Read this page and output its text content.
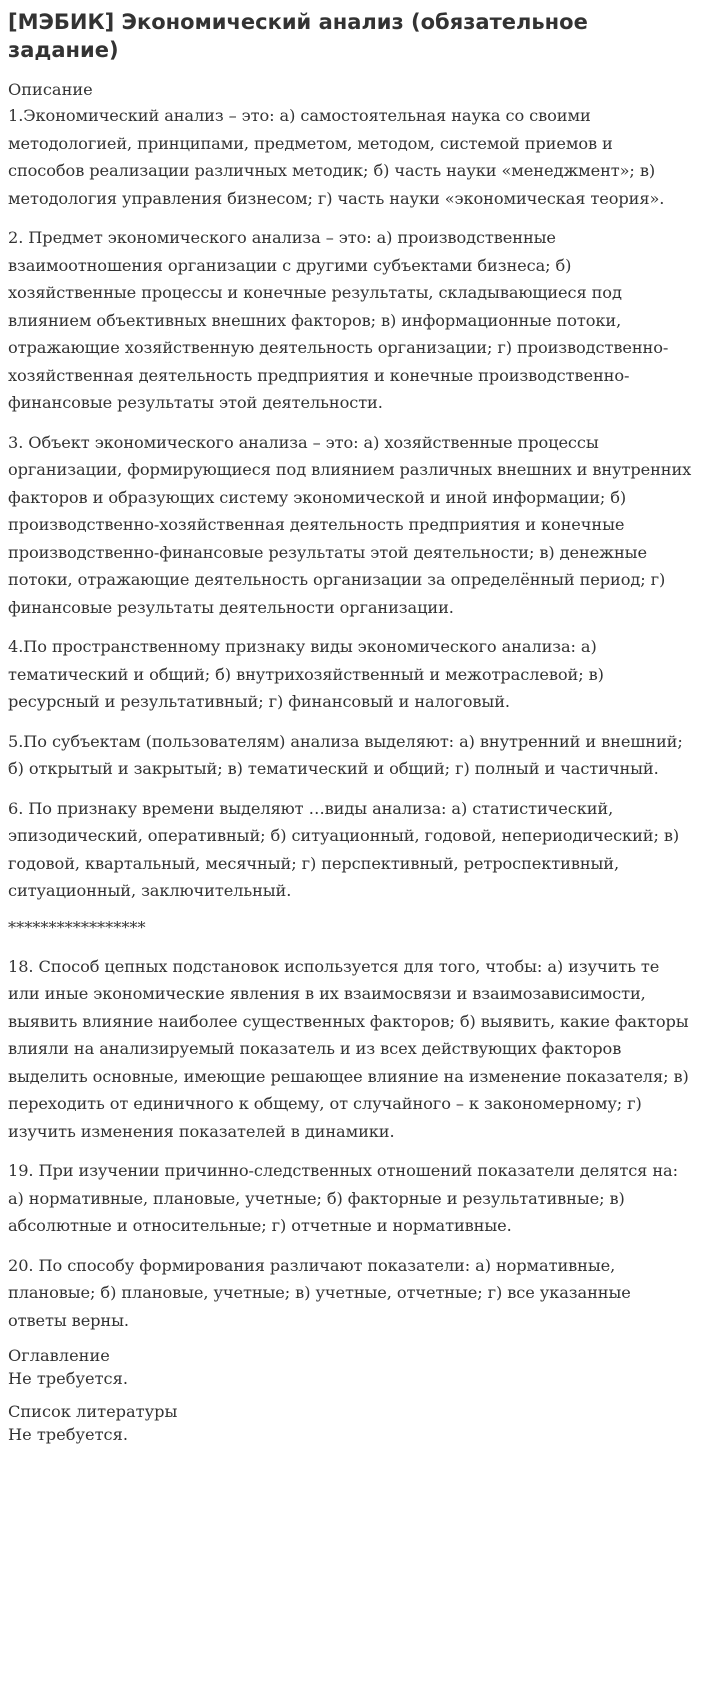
[МЭБИК] Экономический анализ (обязательное задание)
Описание

1.Экономический анализ – это: а) самостоятельная наука со своими методологией, принципами, предметом, методом, системой приемов и способов реализации различных методик; б) часть науки «менеджмент»; в) методология управления бизнесом; г) часть науки «экономическая теория».

2. Предмет экономического анализа – это: а) производственные взаимоотношения организации с другими субъектами бизнеса; б) хозяйственные процессы и конечные результаты, складывающиеся под влиянием объективных внешних факторов; в) информационные потоки, отражающие хозяйственную деятельность организации; г) производственно-хозяйственная деятельность предприятия и конечные производственно-финансовые результаты этой деятельности.

3. Объект экономического анализа – это: а) хозяйственные процессы организации, формирующиеся под влиянием различных внешних и внутренних факторов и образующих систему экономической и иной информации; б) производственно-хозяйственная деятельность предприятия и конечные производственно-финансовые результаты этой деятельности; в) денежные потоки, отражающие деятельность организации за определённый период; г) финансовые результаты деятельности организации.

4.По пространственному признаку виды экономического анализа: а) тематический и общий; б) внутрихозяйственный и межотраслевой; в) ресурсный и результативный; г) финансовый и налоговый.

5.По субъектам (пользователям) анализа выделяют: а) внутренний и внешний; б) открытый и закрытый; в) тематический и общий; г) полный и частичный.

6. По признаку времени выделяют …виды анализа: а) статистический, эпизодический, оперативный; б) ситуационный, годовой, непериодический; в) годовой, квартальный, месячный; г) перспективный, ретроспективный, ситуационный, заключительный.

*****************

18. Способ цепных подстановок используется для того, чтобы: а) изучить те или иные экономические явления в их взаимосвязи и взаимозависимости, выявить влияние наиболее существенных факторов; б) выявить, какие факторы влияли на анализируемый показатель и из всех действующих факторов выделить основные, имеющие решающее влияние на изменение показателя; в) переходить от единичного к общему, от случайного – к закономерному; г) изучить изменения показателей в динамики.

19. При изучении причинно-следственных отношений показатели делятся на: а) нормативные, плановые, учетные; б) факторные и результативные; в) абсолютные и относительные; г) отчетные и нормативные.

20. По способу формирования различают показатели: а) нормативные, плановые; б) плановые, учетные; в) учетные, отчетные; г) все указанные ответы верны.

Оглавление
Не требуется.
Список литературы
Не требуется.
